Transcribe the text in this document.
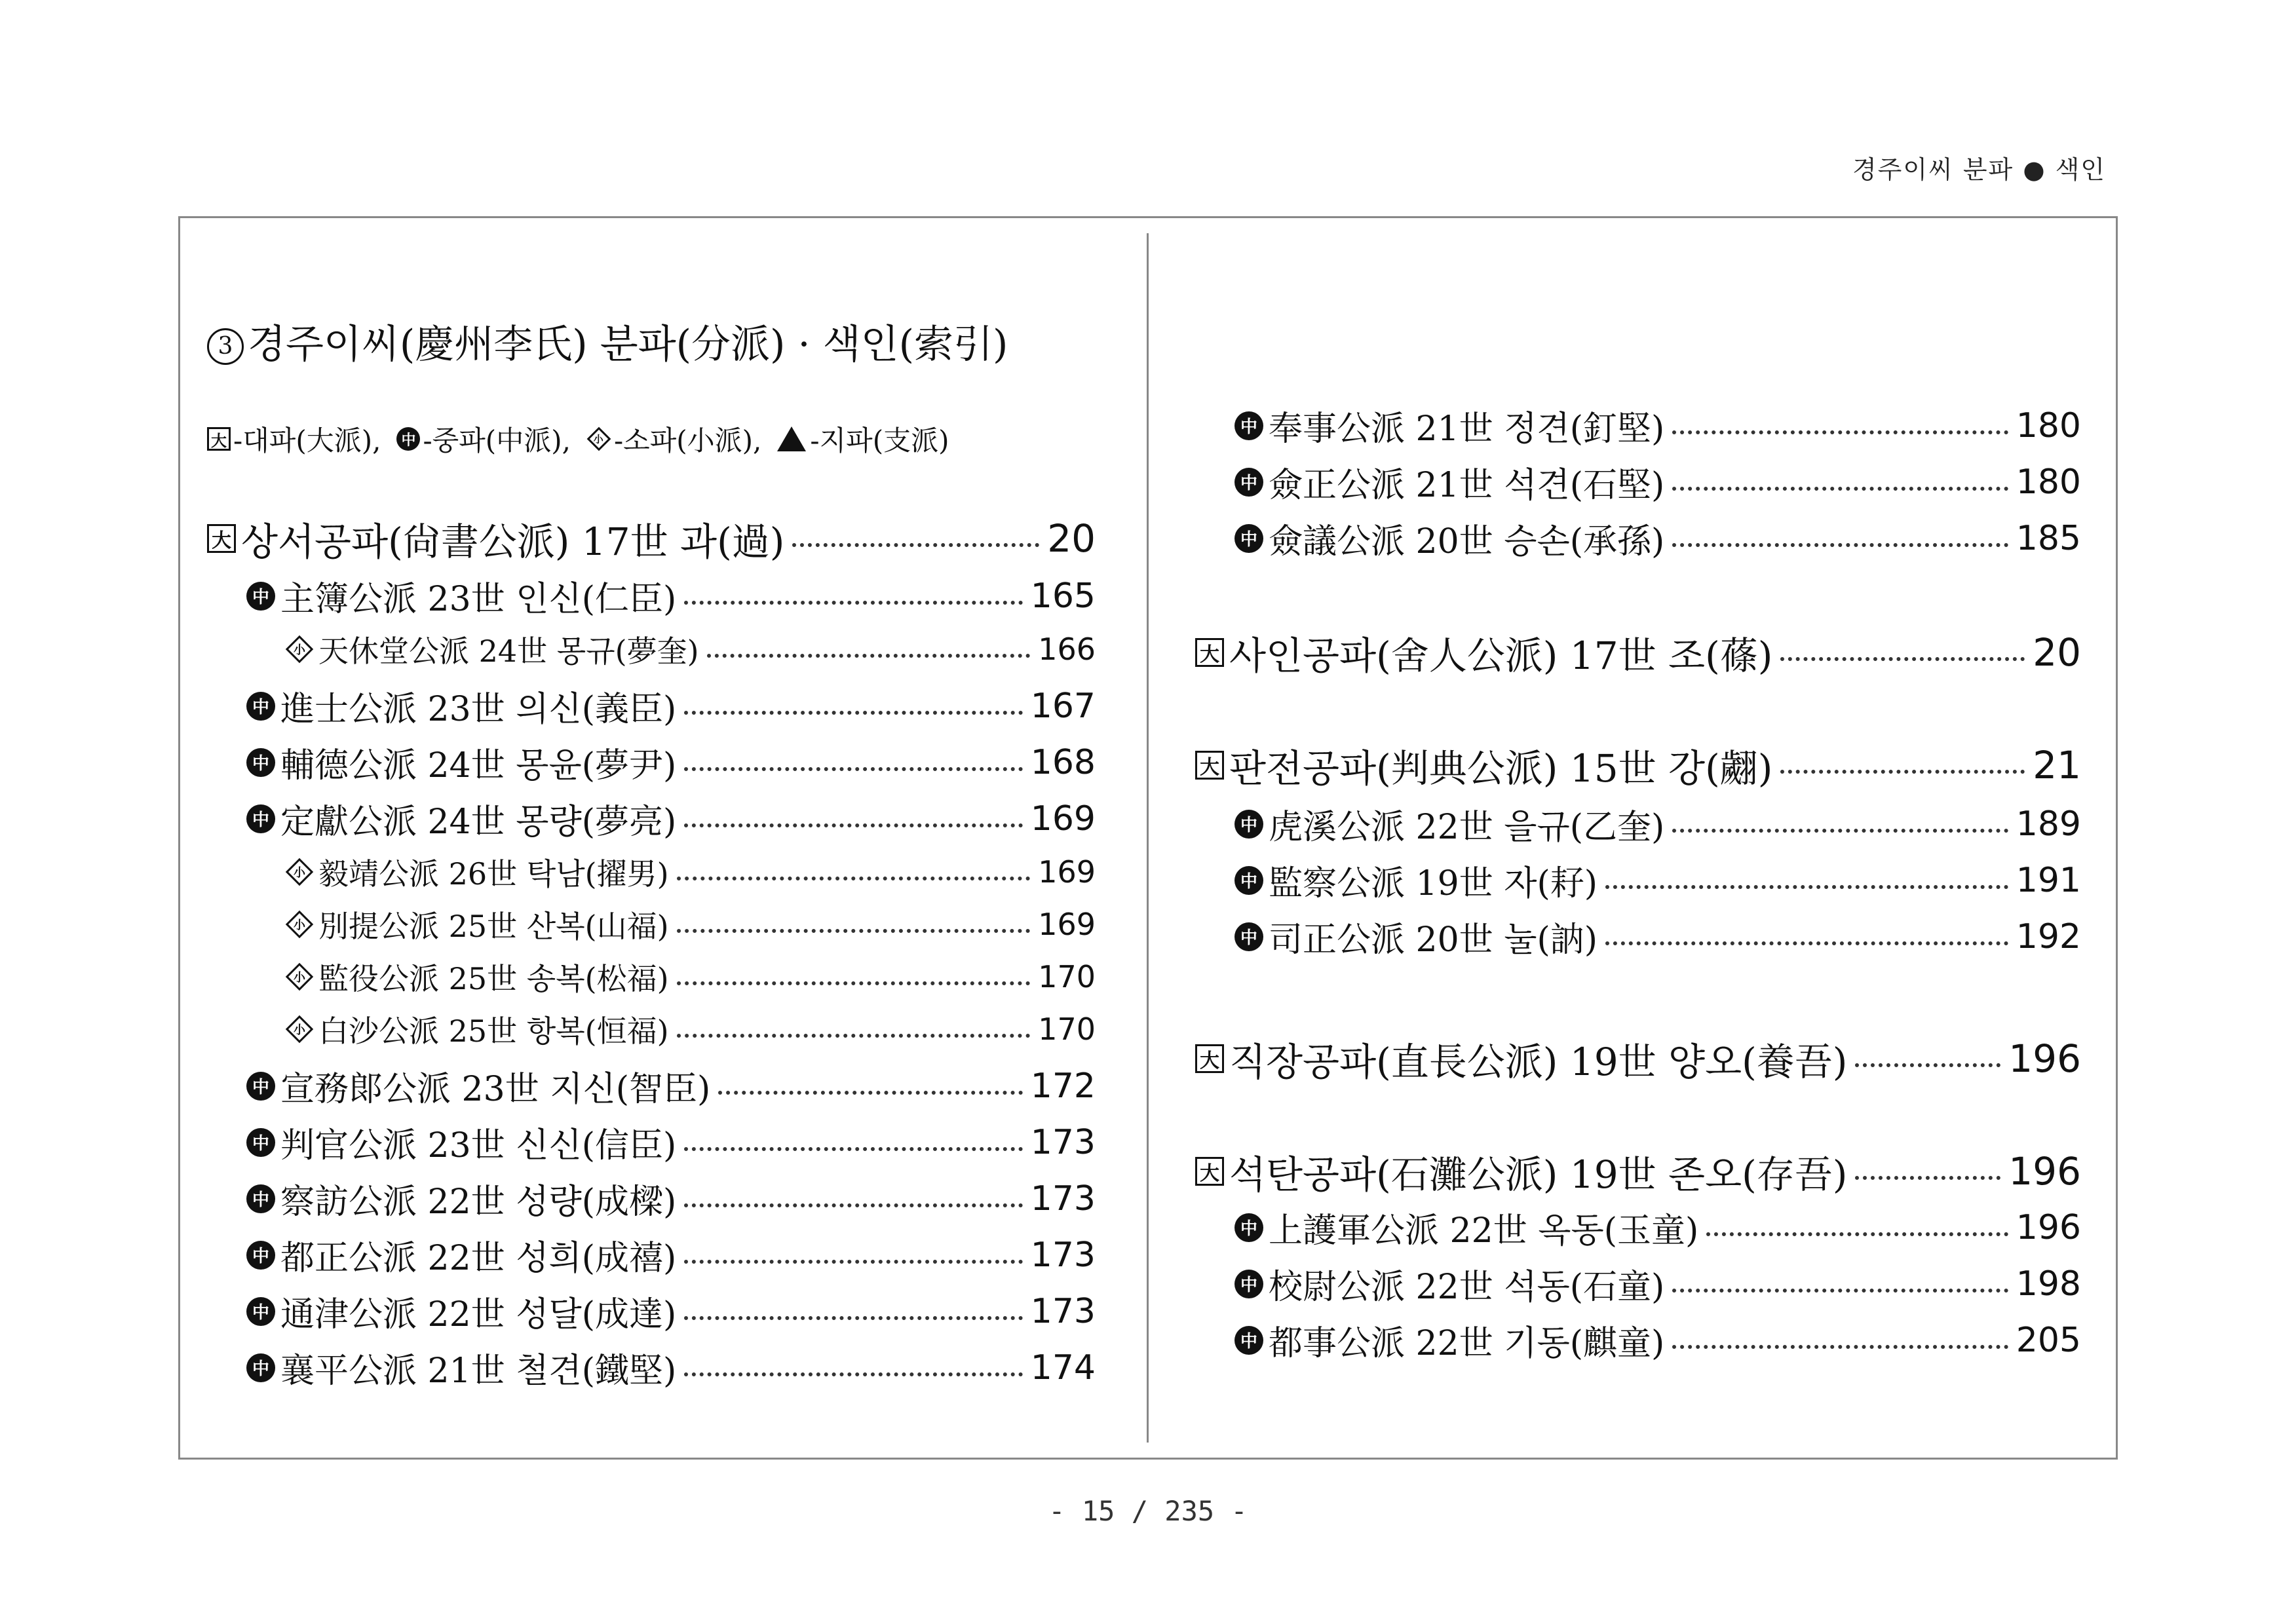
경주이씨 분파 ● 색인
3 경주이씨(慶州李氏) 분파(分派) · 색인(索引)
大 -대파(大派),	中 -중파(中派), 小 -소파(小派), -지파(支派)
大 상서공파(尙書公派) 17世 과(過)	20
中 主簿公派 23世 인신(仁臣)	165
小 天休堂公派 24世 몽규(夢奎)	166
中 進士公派 23世 의신(義臣)	167
中 輔德公派 24世 몽윤(夢尹)	168
中 定獻公派 24世 몽량(夢亮)	169
小 毅靖公派 26世 탁남(擢男)	169
小 別提公派 25世 산복(山福)	169
小 監役公派 25世 송복(松福)	170
小 白沙公派 25世 항복(恒福)	170
中 宣務郞公派 23世 지신(智臣)	172
中 判官公派 23世 신신(信臣)	173
中 察訪公派 22世 성량(成樑)	173
中 都正公派 22世 성희(成禧)	173
中 通津公派 22世 성달(成達)	173
中 襄平公派 21世 철견(鐵堅)	174
中 奉事公派 21世 정견(釘堅)	180
中 僉正公派 21世 석견(石堅)	180
中 僉議公派 20世 승손(承孫)	185
大 사인공파(舍人公派) 17世 조(蓧)	20
大 판전공파(判典公派) 15世 강(翽)	21
中 虎溪公派 22世 을규(乙奎)	189
中 監察公派 19世 자(耔)	191
中 司正公派 20世 눌(訥)	192
大 직장공파(直長公派) 19世 양오(養吾)	196
大 석탄공파(石灘公派) 19世 존오(存吾)	196
中 上護軍公派 22世 옥동(玉童)	196
中 校尉公派 22世 석동(石童)	198
中 都事公派 22世 기동(麒童)	205
- 15 / 235 -
